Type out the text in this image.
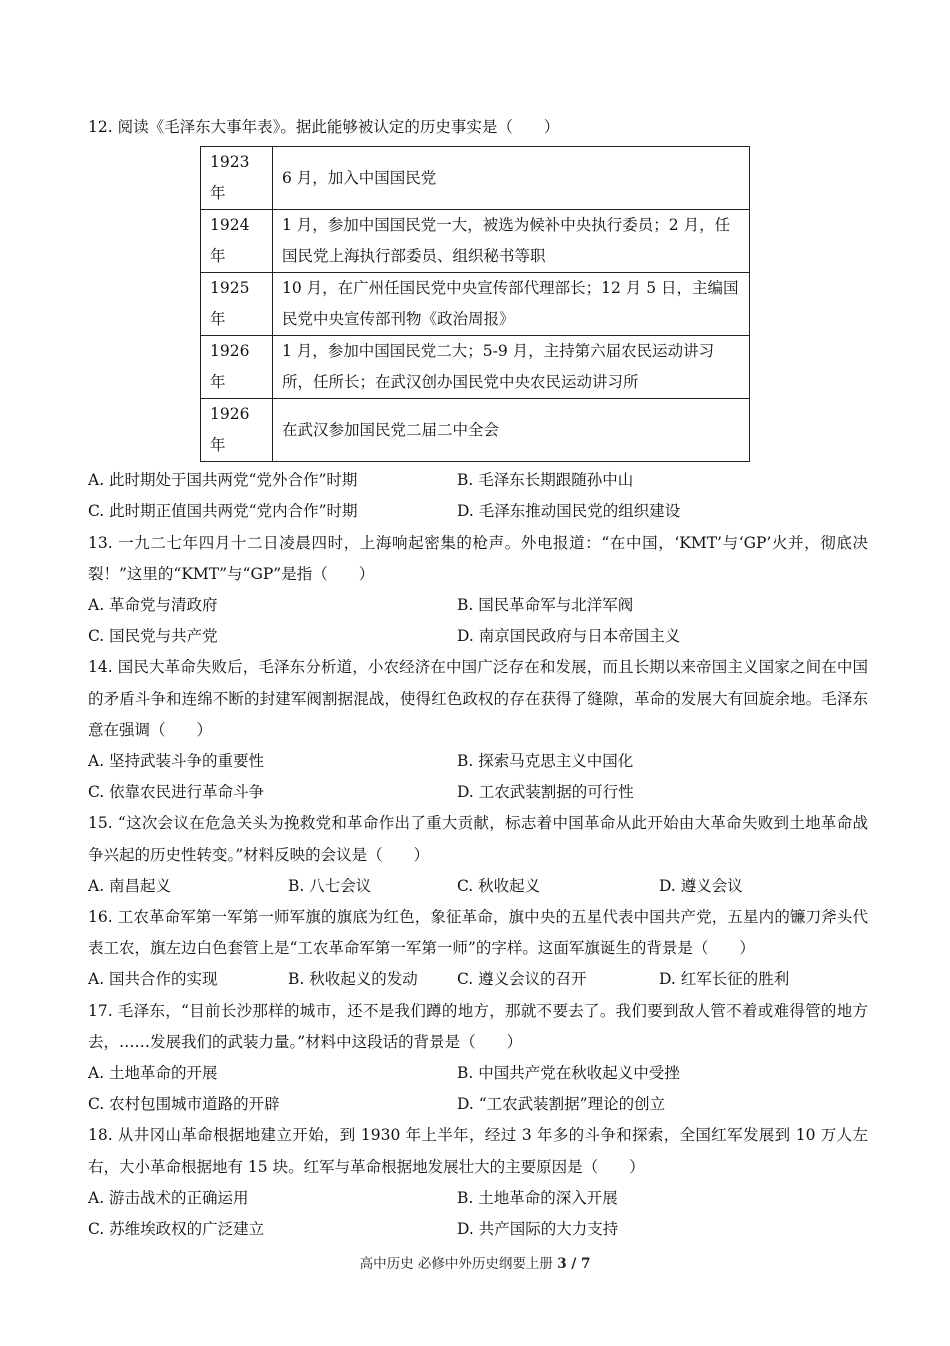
12. 阅读《毛泽东大事年表》。据此能够被认定的历史事实是（　　）
1923 年	6 月，加入中国国民党
1924 年	1 月，参加中国国民党一大，被选为候补中央执行委员；2 月，任国民党上海执行部委员、组织秘书等职
1925 年	10 月，在广州任国民党中央宣传部代理部长；12 月 5 日，主编国民党中央宣传部刊物《政治周报》
1926 年	1 月，参加中国国民党二大；5-9 月，主持第六届农民运动讲习所，任所长；在武汉创办国民党中央农民运动讲习所
1926 年	在武汉参加国民党二届二中全会
A. 此时期处于国共两党“党外合作”时期	B. 毛泽东长期跟随孙中山
C. 此时期正值国共两党“党内合作”时期	D. 毛泽东推动国民党的组织建设
13. 一九二七年四月十二日凌晨四时，上海响起密集的枪声。外电报道：“在中国，‘KMT’与‘GP’火并，彻底决裂！”这里的“KMT”与“GP”是指（　　）
A. 革命党与清政府	B. 国民革命军与北洋军阀
C. 国民党与共产党	D. 南京国民政府与日本帝国主义
14. 国民大革命失败后，毛泽东分析道，小农经济在中国广泛存在和发展，而且长期以来帝国主义国家之间在中国的矛盾斗争和连绵不断的封建军阀割据混战，使得红色政权的存在获得了缝隙，革命的发展大有回旋余地。毛泽东意在强调（　　）
A. 坚持武装斗争的重要性	B. 探索马克思主义中国化
C. 依靠农民进行革命斗争	D. 工农武装割据的可行性
15. “这次会议在危急关头为挽救党和革命作出了重大贡献，标志着中国革命从此开始由大革命失败到土地革命战争兴起的历史性转变。”材料反映的会议是（　　）
A. 南昌起义	B. 八七会议	C. 秋收起义	D. 遵义会议
16. 工农革命军第一军第一师军旗的旗底为红色，象征革命，旗中央的五星代表中国共产党，五星内的镰刀斧头代表工农，旗左边白色套管上是“工农革命军第一军第一师”的字样。这面军旗诞生的背景是（　　）
A. 国共合作的实现	B. 秋收起义的发动	C. 遵义会议的召开	D. 红军长征的胜利
17. 毛泽东，“目前长沙那样的城市，还不是我们蹲的地方，那就不要去了。我们要到敌人管不着或难得管的地方去，……发展我们的武装力量。”材料中这段话的背景是（　　）
A. 土地革命的开展	B. 中国共产党在秋收起义中受挫
C. 农村包围城市道路的开辟	D. “工农武装割据”理论的创立
18. 从井冈山革命根据地建立开始，到 1930 年上半年，经过 3 年多的斗争和探索，全国红军发展到 10 万人左右，大小革命根据地有 15 块。红军与革命根据地发展壮大的主要原因是（　　）
A. 游击战术的正确运用	B. 土地革命的深入开展
C. 苏维埃政权的广泛建立	D. 共产国际的大力支持
高中历史 必修中外历史纲要上册 3 / 7
